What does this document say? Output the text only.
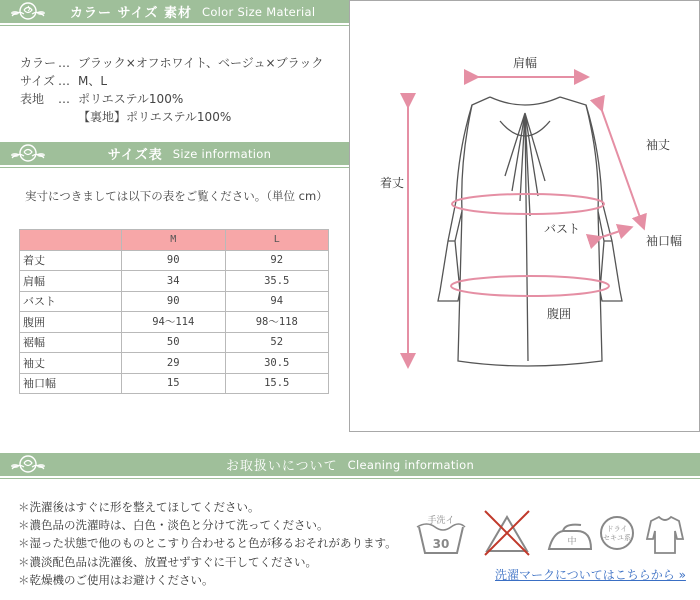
カラー サイズ 素材 Color Size Material
カラー … ブラック×オフホワイト、ベージュ×ブラック
サイズ … M、L
表地	… ポリエステル100%
【裏地】ポリエステル100%
サイズ表 Size information
実寸につきましては以下の表をご覧ください。（単位 cm）
	M	L
着丈	90	92
肩幅	34	35.5
バスト	90	94
腹囲	94〜114	98〜118
裾幅	50	52
袖丈	29	30.5
袖口幅	15	15.5
肩幅
着丈
袖丈
バスト
袖口幅
腹囲
お取扱いについて Cleaning information
＊ 洗濯後はすぐに形を整えてほしてください。
＊ 濃色品の洗濯時は、白色・淡色と分けて洗ってください。
＊ 湿った状態で他のものとこすり合わせると色が移るおそれがあります。
＊ 濃淡配色品は洗濯後、放置せずすぐに干してください。
＊ 乾燥機のご使用はお避けください。
手洗イ
30	中
ドライ
セキユ系
洗濯マークについてはこちらから »
